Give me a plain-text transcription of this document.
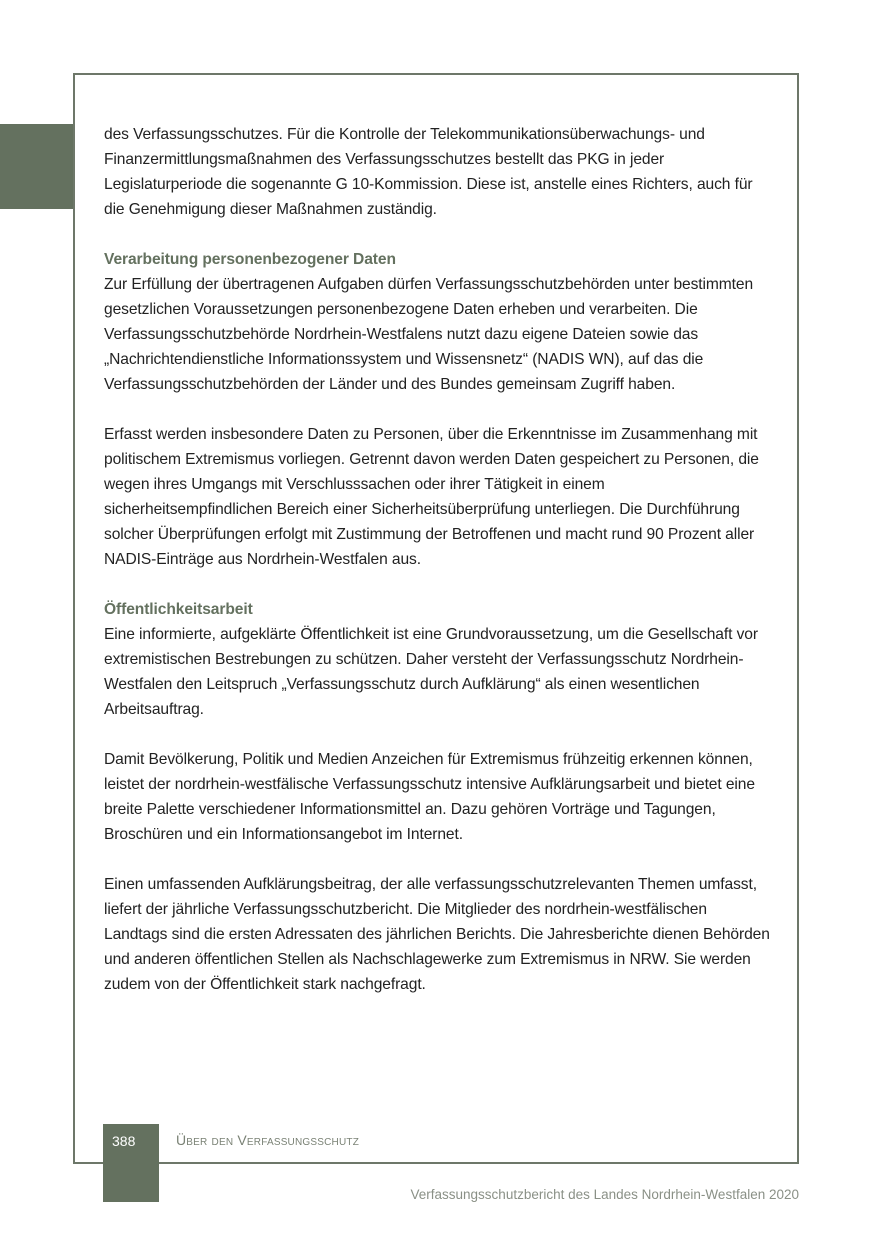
des Verfassungsschutzes. Für die Kontrolle der Telekommunikationsüberwachungs- und Finanzermittlungsmaßnahmen des Verfassungsschutzes bestellt das PKG in jeder Legislaturperiode die sogenannte G 10-Kommission. Diese ist, anstelle eines Richters, auch für die Genehmigung dieser Maßnahmen zuständig.

Verarbeitung personenbezogener Daten

Zur Erfüllung der übertragenen Aufgaben dürfen Verfassungsschutzbehörden unter bestimmten gesetzlichen Voraussetzungen personenbezogene Daten erheben und verarbeiten. Die Verfassungsschutzbehörde Nordrhein-Westfalens nutzt dazu eigene Dateien sowie das „Nachrichtendienstliche Informationssystem und Wissensnetz“ (NADIS WN), auf das die Verfassungsschutzbehörden der Länder und des Bundes gemeinsam Zugriff haben.

Erfasst werden insbesondere Daten zu Personen, über die Erkenntnisse im Zusammenhang mit politischem Extremismus vorliegen. Getrennt davon werden Daten gespeichert zu Personen, die wegen ihres Umgangs mit Verschlusssachen oder ihrer Tätigkeit in einem sicherheitsempfindlichen Bereich einer Sicherheitsüberprüfung unterliegen. Die Durchführung solcher Überprüfungen erfolgt mit Zustimmung der Betroffenen und macht rund 90 Prozent aller NADIS-Einträge aus Nordrhein-Westfalen aus.

Öffentlichkeitsarbeit

Eine informierte, aufgeklärte Öffentlichkeit ist eine Grundvoraussetzung, um die Gesellschaft vor extremistischen Bestrebungen zu schützen. Daher versteht der Verfassungsschutz Nordrhein-Westfalen den Leitspruch „Verfassungsschutz durch Aufklärung“ als einen wesentlichen Arbeitsauftrag.

Damit Bevölkerung, Politik und Medien Anzeichen für Extremismus frühzeitig erkennen können, leistet der nordrhein-westfälische Verfassungsschutz intensive Aufklärungsarbeit und bietet eine breite Palette verschiedener Informationsmittel an. Dazu gehören Vorträge und Tagungen, Broschüren und ein Informationsangebot im Internet.

Einen umfassenden Aufklärungsbeitrag, der alle verfassungsschutzrelevanten Themen umfasst, liefert der jährliche Verfassungsschutzbericht. Die Mitglieder des nordrhein-westfälischen Landtags sind die ersten Adressaten des jährlichen Berichts. Die Jahresberichte dienen Behörden und anderen öffentlichen Stellen als Nachschlagewerke zum Extremismus in NRW. Sie werden zudem von der Öffentlichkeit stark nachgefragt.

388	Über den Verfassungsschutz
Verfassungsschutzbericht des Landes Nordrhein-Westfalen 2020
